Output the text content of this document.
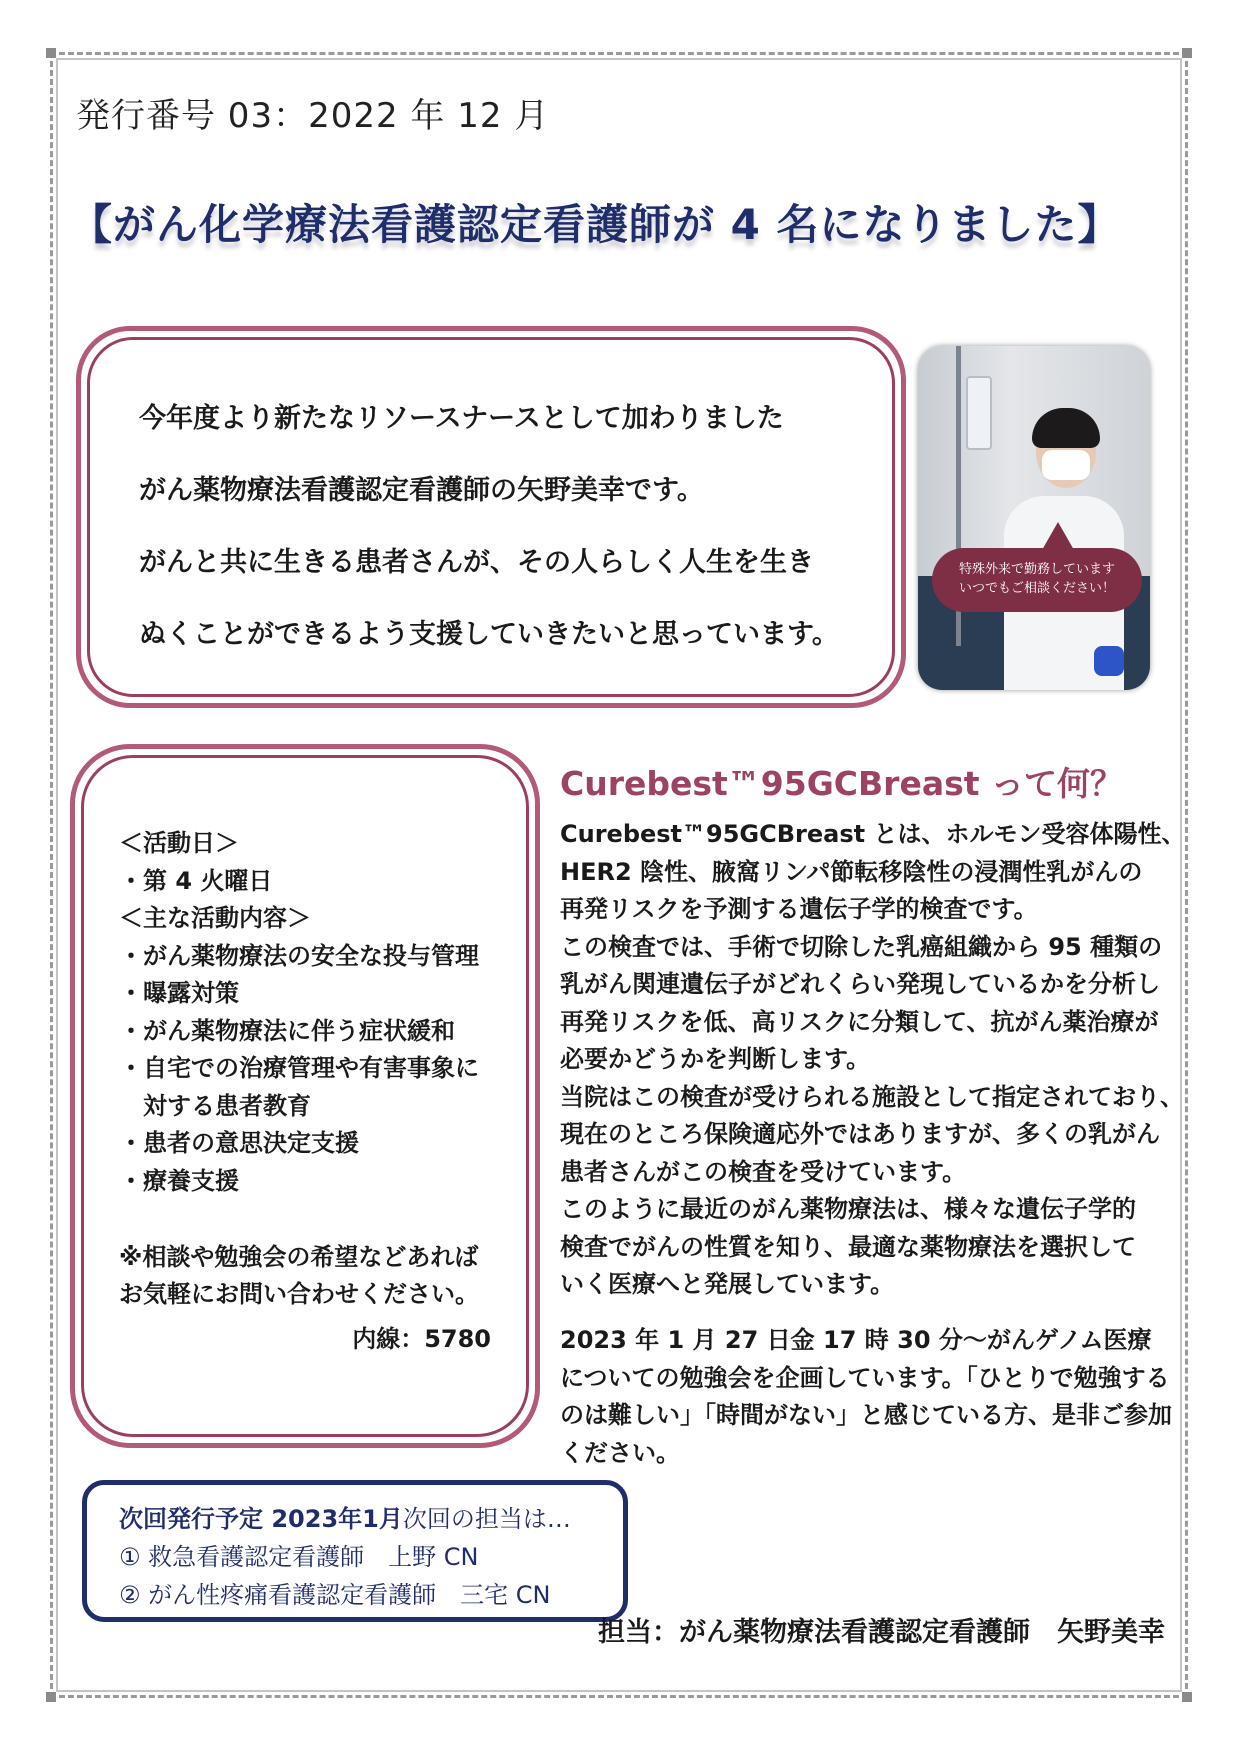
発行番号 03：2022 年 12 月
【がん化学療法看護認定看護師が 4 名になりました】
今年度より新たなリソースナースとして加わりました
がん薬物療法看護認定看護師の矢野美幸です。
がんと共に生きる患者さんが、その人らしく人生を生き
ぬくことができるよう支援していきたいと思っています。
特殊外来で勤務しています
いつでもご相談ください！
＜活動日＞
・第 4 火曜日
＜主な活動内容＞
・がん薬物療法の安全な投与管理
・曝露対策
・がん薬物療法に伴う症状緩和
・自宅での治療管理や有害事象に
　対する患者教育
・患者の意思決定支援
・療養支援
※相談や勉強会の希望などあれば
お気軽にお問い合わせください。
内線：5780
Curebest™95GCBreast って何？
Curebest™95GCBreast とは、ホルモン受容体陽性、
HER2 陰性、腋窩リンパ節転移陰性の浸潤性乳がんの
再発リスクを予測する遺伝子学的検査です。
この検査では、手術で切除した乳癌組織から 95 種類の
乳がん関連遺伝子がどれくらい発現しているかを分析し
再発リスクを低、高リスクに分類して、抗がん薬治療が
必要かどうかを判断します。
当院はこの検査が受けられる施設として指定されており、
現在のところ保険適応外ではありますが、多くの乳がん
患者さんがこの検査を受けています。
このように最近のがん薬物療法は、様々な遺伝子学的
検査でがんの性質を知り、最適な薬物療法を選択して
いく医療へと発展しています。
2023 年 1 月 27 日金 17 時 30 分～がんゲノム医療
についての勉強会を企画しています。「ひとりで勉強する
のは難しい」「時間がない」と感じている方、是非ご参加
ください。
次回発行予定 2023年1月次回の担当は…
① 救急看護認定看護師　上野 CN
② がん性疼痛看護認定看護師　三宅 CN
担当：がん薬物療法看護認定看護師　矢野美幸
